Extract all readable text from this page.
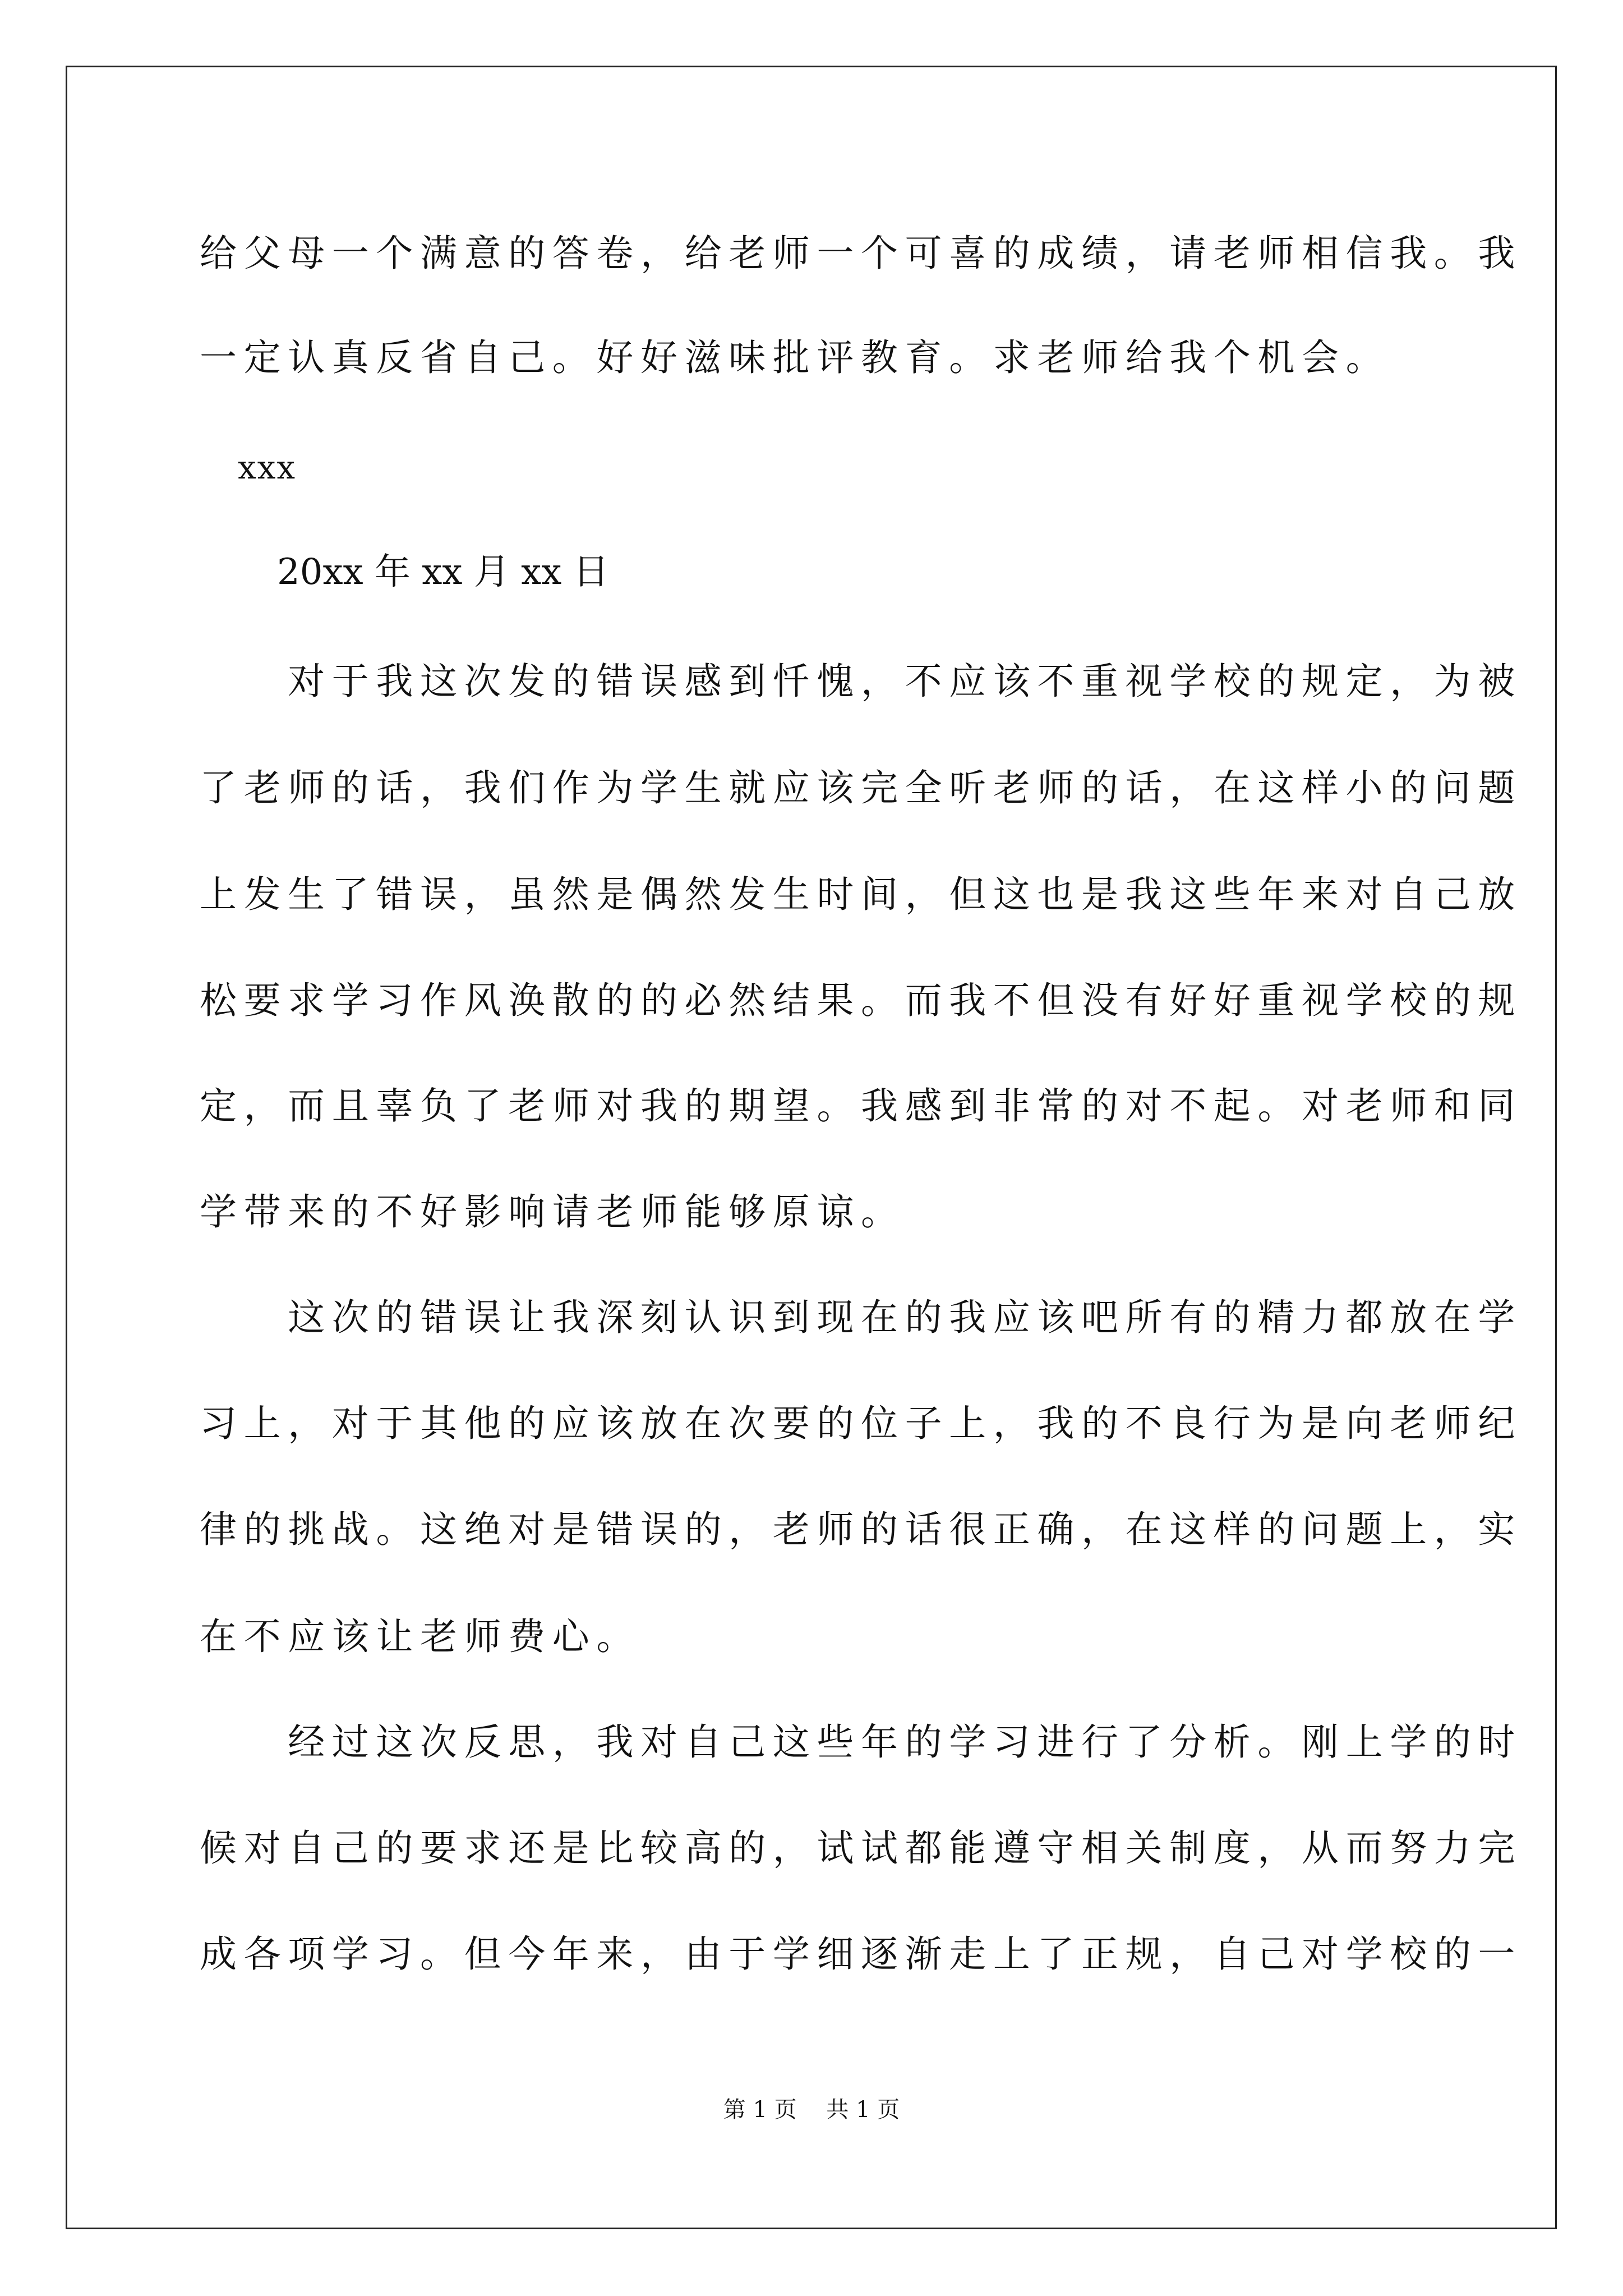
给父母一个满意的答卷，给老师一个可喜的成绩，请老师相信我。我
一定认真反省自己。好好滋味批评教育。求老师给我个机会。
xxx
20xx 年 xx 月 xx 日
　　对于我这次发的错误感到忏愧，不应该不重视学校的规定，为被
了老师的话，我们作为学生就应该完全听老师的话，在这样小的问题
上发生了错误，虽然是偶然发生时间，但这也是我这些年来对自己放
松要求学习作风涣散的的必然结果。而我不但没有好好重视学校的规
定，而且辜负了老师对我的期望。我感到非常的对不起。对老师和同
学带来的不好影响请老师能够原谅。
　　这次的错误让我深刻认识到现在的我应该吧所有的精力都放在学
习上，对于其他的应该放在次要的位子上，我的不良行为是向老师纪
律的挑战。这绝对是错误的，老师的话很正确，在这样的问题上，实
在不应该让老师费心。
　　经过这次反思，我对自己这些年的学习进行了分析。刚上学的时
候对自己的要求还是比较高的，试试都能遵守相关制度，从而努力完
成各项学习。但今年来，由于学细逐渐走上了正规，自己对学校的一
第 1 页 共 1 页
